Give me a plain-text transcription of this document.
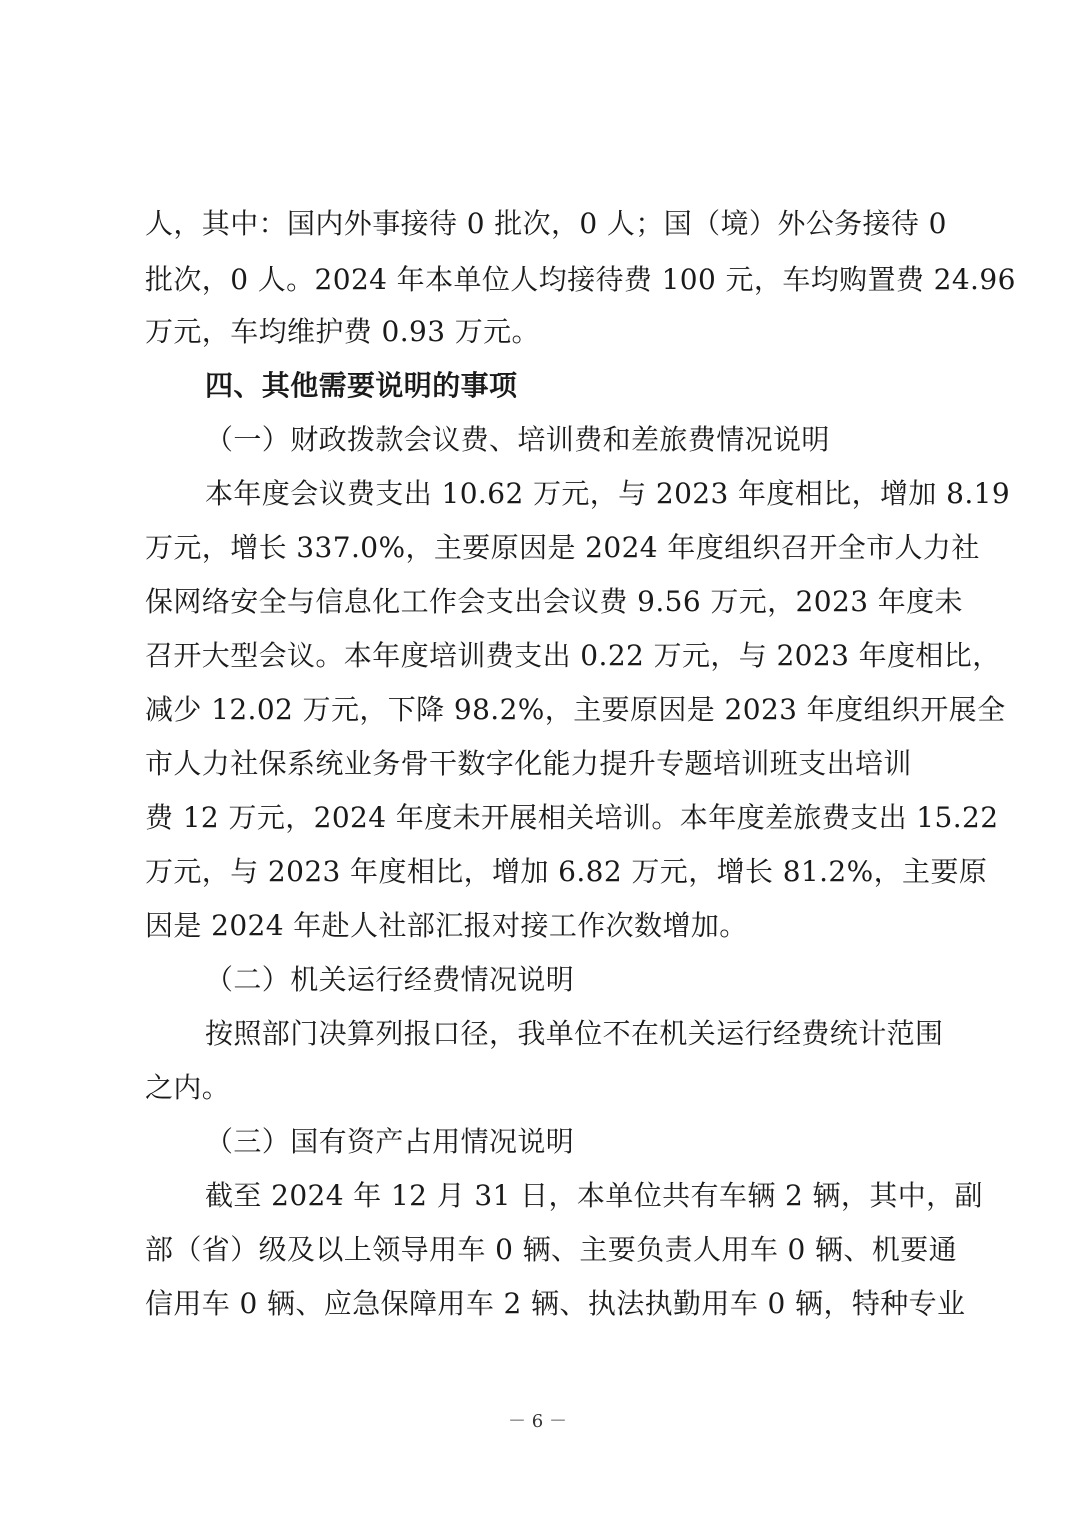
人，其中：国内外事接待 0 批次，0 人；国（境）外公务接待 0
批次，0 人。2024 年本单位人均接待费 100 元，车均购置费 24.96
万元，车均维护费 0.93 万元。
四、其他需要说明的事项
（一）财政拨款会议费、培训费和差旅费情况说明
本年度会议费支出 10.62 万元，与 2023 年度相比，增加 8.19
万元，增长 337.0%，主要原因是 2024 年度组织召开全市人力社
保网络安全与信息化工作会支出会议费 9.56 万元，2023 年度未
召开大型会议。本年度培训费支出 0.22 万元，与 2023 年度相比，
减少 12.02 万元，下降 98.2%，主要原因是 2023 年度组织开展全
市人力社保系统业务骨干数字化能力提升专题培训班支出培训
费 12 万元，2024 年度未开展相关培训。本年度差旅费支出 15.22
万元，与 2023 年度相比，增加 6.82 万元，增长 81.2%，主要原
因是 2024 年赴人社部汇报对接工作次数增加。
（二）机关运行经费情况说明
按照部门决算列报口径，我单位不在机关运行经费统计范围
之内。
（三）国有资产占用情况说明
截至 2024 年 12 月 31 日，本单位共有车辆 2 辆，其中，副
部（省）级及以上领导用车 0 辆、主要负责人用车 0 辆、机要通
信用车 0 辆、应急保障用车 2 辆、执法执勤用车 0 辆，特种专业
－ 6 －
